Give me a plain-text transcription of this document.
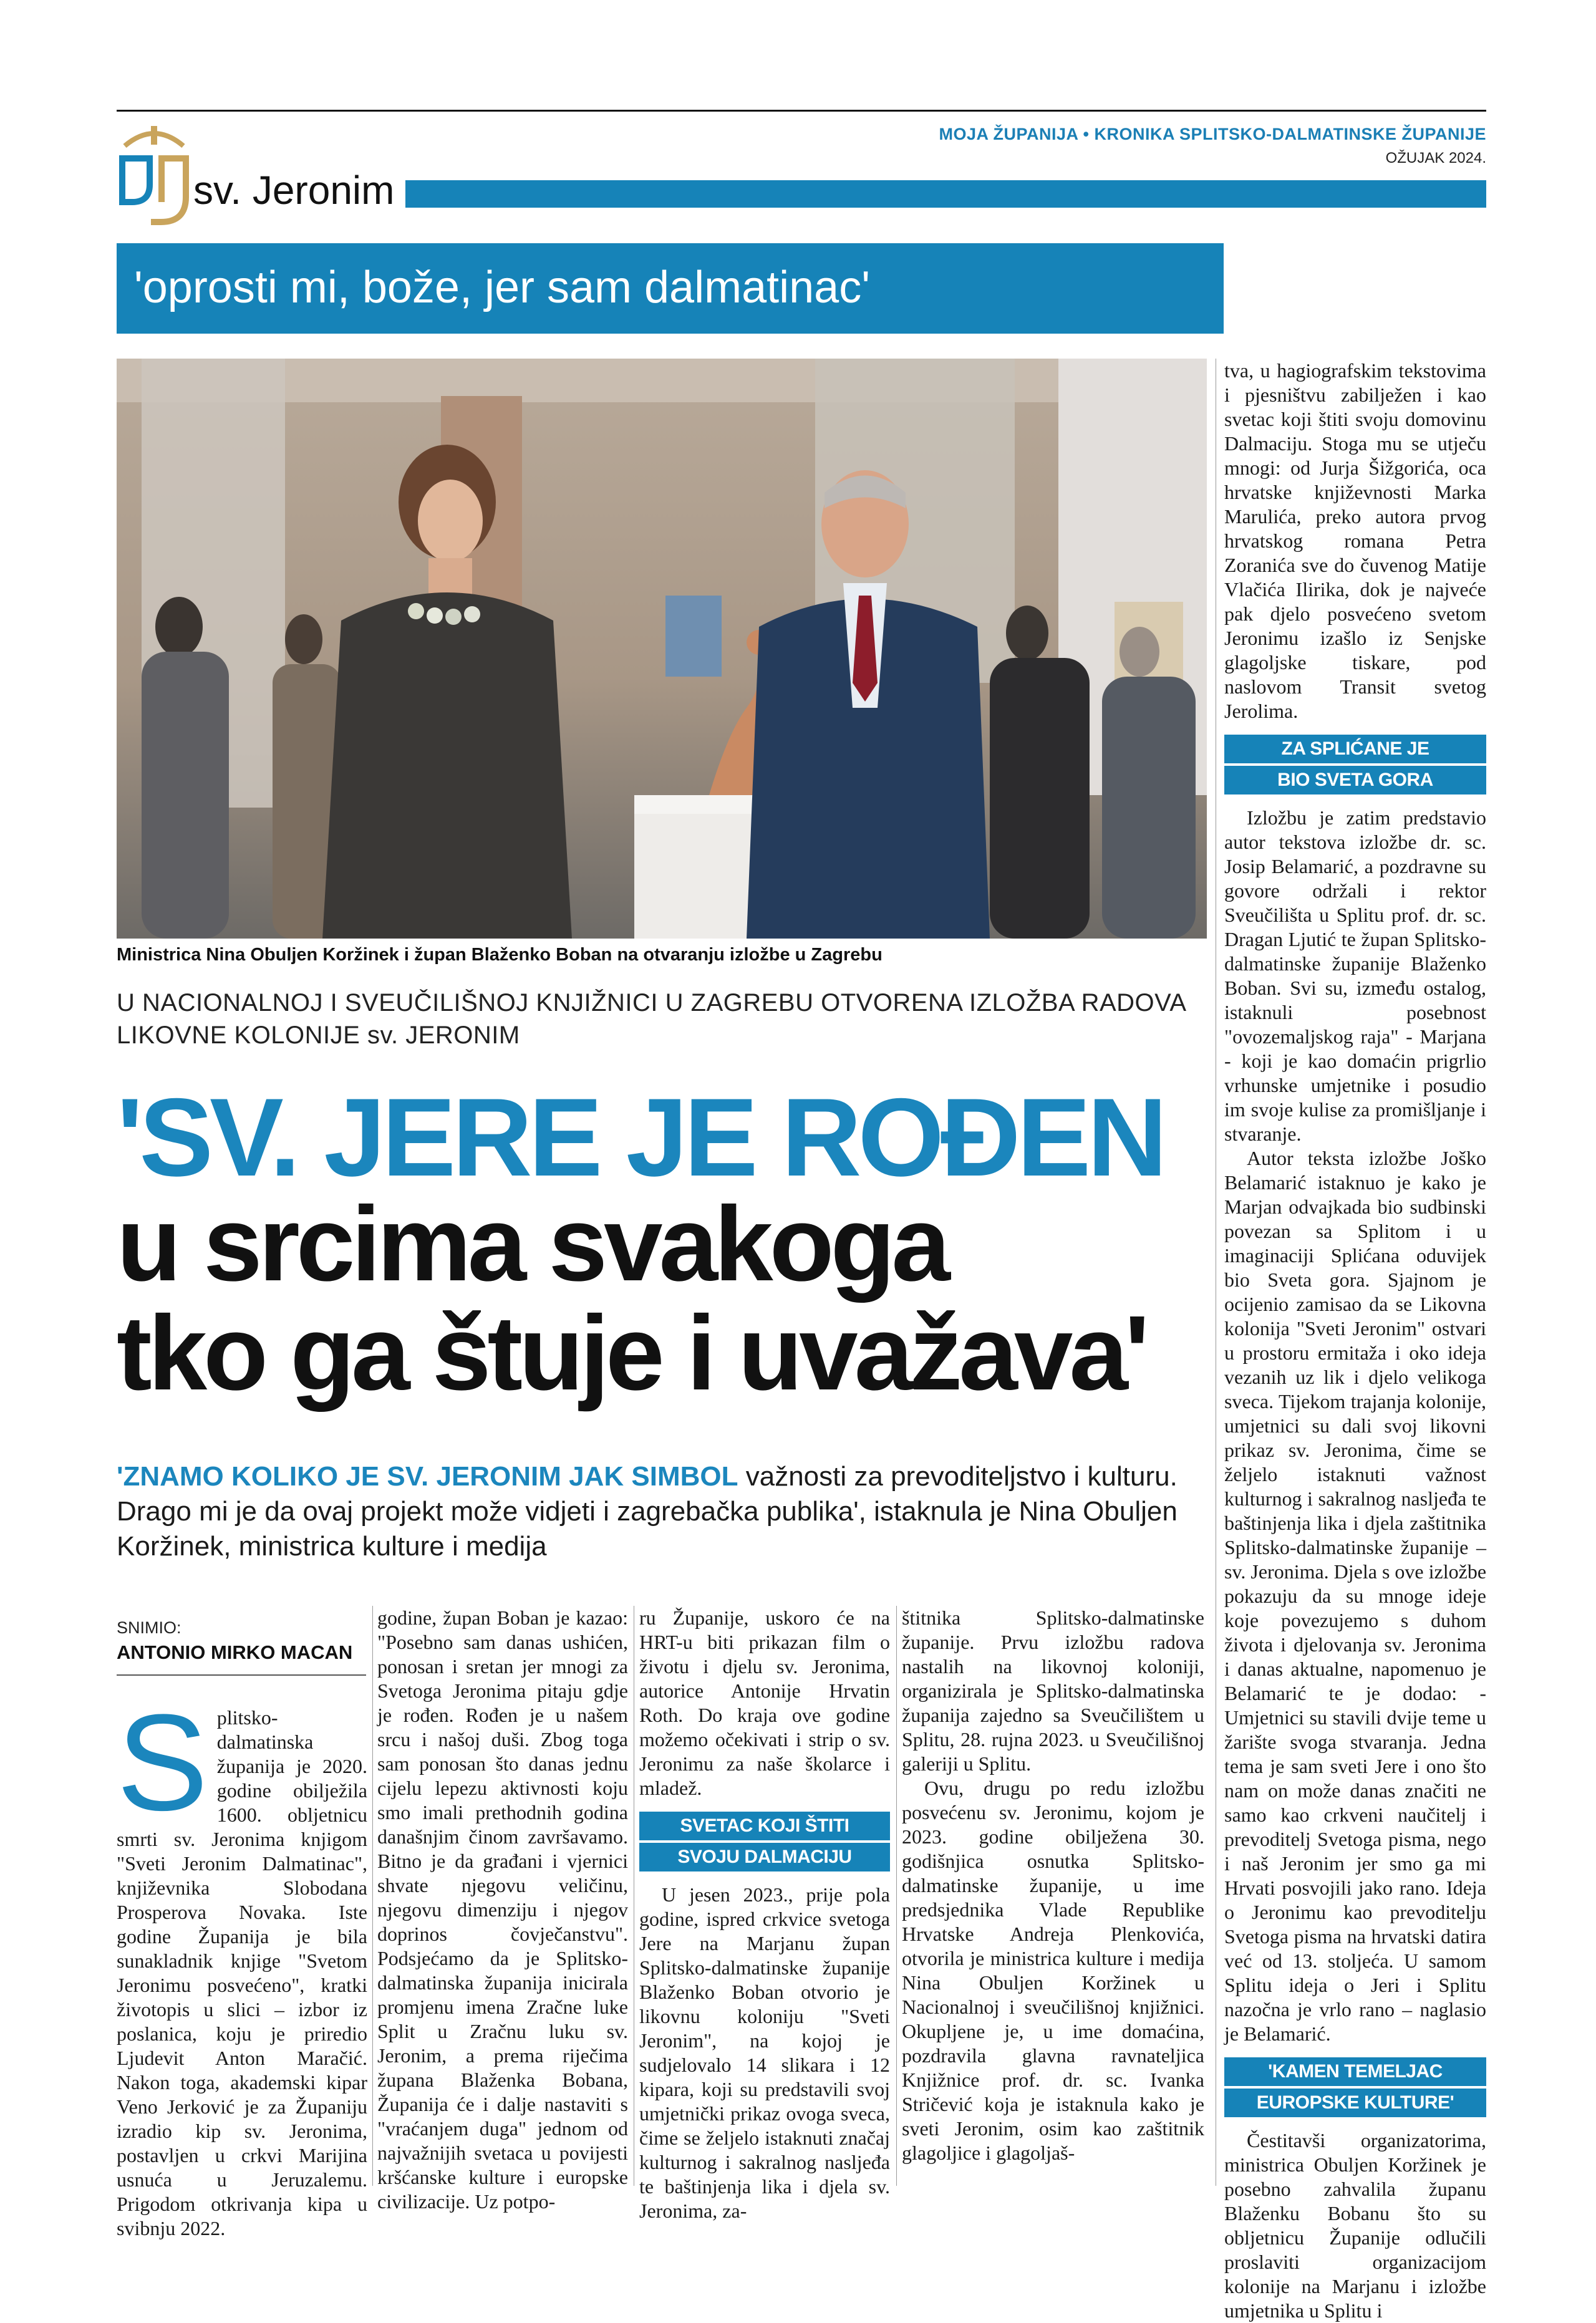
sv. Jeronim
MOJA ŽUPANIJA • KRONIKA SPLITSKO-DALMATINSKE ŽUPANIJE
OŽUJAK 2024.
'oprosti mi, bože, jer sam dalmatinac'
Ministrica Nina Obuljen Koržinek i župan Blaženko Boban na otvaranju izložbe u Zagrebu
U NACIONALNOJ I SVEUČILIŠNOJ KNJIŽNICI U ZAGREBU OTVORENA IZLOŽBA RADOVA LIKOVNE KOLONIJE sv. JERONIM
'SV. JERE JE ROĐEN
u srcima svakoga
tko ga štuje i uvažava'
'ZNAMO KOLIKO JE SV. JERONIM JAK SIMBOL važnosti za prevoditeljstvo i kulturu. Drago mi je da ovaj projekt može vidjeti i zagrebačka publika', istaknula je Nina Obuljen Koržinek, ministrica kulture i medija
SNIMIO:
ANTONIO MIRKO MACAN
S plitsko-dalmatinska županija je 2020. godine obilježila 1600. obljetnicu smrti sv. Jeronima knjigom "Sveti Jeronim Dalmatinac", književnika Slobodana Prosperova Novaka. Iste godine Županija je bila sunakladnik knjige "Svetom Jeronimu posvećeno", kratki životopis u slici – izbor iz poslanica, koju je priredio Ljudevit Anton Maračić. Nakon toga, akademski kipar Veno Jerković je za Županiju izradio kip sv. Jeronima, postavljen u crkvi Marijina usnuća u Jeruzalemu. Prigodom otkrivanja kipa u svibnju 2022.

godine, župan Boban je kazao: "Posebno sam danas ushićen, ponosan i sretan jer mnogi za Svetoga Jeronima pitaju gdje je rođen. Rođen je u našem srcu i našoj duši. Zbog toga sam ponosan što danas jednu cijelu lepezu aktivnosti koju smo imali prethodnih godina današnjim činom završavamo. Bitno je da građani i vjernici shvate njegovu veličinu, njegovu dimenziju i njegov doprinos čovječanstvu". Podsjećamo da je Splitsko-dalmatinska županija inicirala promjenu imena Zračne luke Split u Zračnu luku sv. Jeronim, a prema riječima župana Blaženka Bobana, Županija će i dalje nastaviti s "vraćanjem duga" jednom od najvažnijih svetaca u povijesti kršćanske kulture i europske civilizacije. Uz potpo-

ru Županije, uskoro će na HRT-u biti prikazan film o životu i djelu sv. Jeronima, autorice Antonije Hrvatin Roth. Do kraja ove godine možemo očekivati i strip o sv. Jeronimu za naše školarce i mladež.

SVETAC KOJI ŠTITI
SVOJU DALMACIJU

U jesen 2023., prije pola godine, ispred crkvice svetoga Jere na Marjanu župan Splitsko-dalmatinske županije Blaženko Boban otvorio je likovnu koloniju "Sveti Jeronim", na kojoj je sudjelovalo 14 slikara i 12 kipara, koji su predstavili svoj umjetnički prikaz ovoga sveca, čime se željelo istaknuti značaj kulturnog i sakralnog nasljeđa te baštinjenja lika i djela sv. Jeronima, za-

štitnika Splitsko-dalmatinske županije. Prvu izložbu radova nastalih na likovnoj koloniji, organizirala je Splitsko-dalmatinska županija zajedno sa Sveučilištem u Splitu, 28. rujna 2023. u Sveučilišnoj galeriji u Splitu.

Ovu, drugu po redu izložbu posvećenu sv. Jeronimu, kojom je 2023. godine obilježena 30. godišnjica osnutka Splitsko-dalmatinske županije, u ime predsjednika Vlade Republike Hrvatske Andreja Plenkovića, otvorila je ministrica kulture i medija Nina Obuljen Koržinek u Nacionalnoj i sveučilišnoj knjižnici. Okupljene je, u ime domaćina, pozdravila glavna ravnateljica Knjižnice prof. dr. sc. Ivanka Stričević koja je istaknula kako je sveti Jeronim, osim kao zaštitnik glagoljice i glagoljaš-

tva, u hagiografskim tekstovima i pjesništvu zabilježen i kao svetac koji štiti svoju domovinu Dalmaciju. Stoga mu se utječu mnogi: od Jurja Šižgorića, oca hrvatske književnosti Marka Marulića, preko autora prvog hrvatskog romana Petra Zoranića sve do čuvenog Matije Vlačića Ilirika, dok je najveće pak djelo posvećeno svetom Jeronimu izašlo iz Senjske glagoljske tiskare, pod naslovom Transit svetog Jerolima.

ZA SPLIĆANE JE
BIO SVETA GORA

Izložbu je zatim predstavio autor tekstova izložbe dr. sc. Josip Belamarić, a pozdravne su govore održali i rektor Sveučilišta u Splitu prof. dr. sc. Dragan Ljutić te župan Splitsko-dalmatinske županije Blaženko Boban. Svi su, između ostalog, istaknuli posebnost "ovozemaljskog raja" - Marjana - koji je kao domaćin prigrlio vrhunske umjetnike i posudio im svoje kulise za promišljanje i stvaranje.

Autor teksta izložbe Joško Belamarić istaknuo je kako je Marjan odvajkada bio sudbinski povezan sa Splitom i u imaginaciji Splićana oduvijek bio Sveta gora. Sjajnom je ocijenio zamisao da se Likovna kolonija "Sveti Jeronim" ostvari u prostoru ermitaža i oko ideja vezanih uz lik i djelo velikoga sveca. Tijekom trajanja kolonije, umjetnici su dali svoj likovni prikaz sv. Jeronima, čime se željelo istaknuti važnost kulturnog i sakralnog nasljeđa te baštinjenja lika i djela zaštitnika Splitsko-dalmatinske županije – sv. Jeronima. Djela s ove izložbe pokazuju da su mnoge ideje koje povezujemo s duhom života i djelovanja sv. Jeronima i danas aktualne, napomenuo je Belamarić te je dodao: - Umjetnici su stavili dvije teme u žarište svoga stvaranja. Jedna tema je sam sveti Jere i ono što nam on može danas značiti ne samo kao crkveni naučitelj i prevoditelj Svetoga pisma, nego i naš Jeronim jer smo ga mi Hrvati posvojili jako rano. Ideja o Jeronimu kao prevoditelju Svetoga pisma na hrvatski datira već od 13. stoljeća. U samom Splitu ideja o Jeri i Splitu nazočna je vrlo rano – naglasio je Belamarić.

'KAMEN TEMELJAC
EUROPSKE KULTURE'

Čestitavši organizatorima, ministrica Obuljen Koržinek je posebno zahvalila županu Blaženku Bobanu što su obljetnicu Županije odlučili proslaviti organizacijom kolonije na Marjanu i izložbe umjetnika u Splitu i
